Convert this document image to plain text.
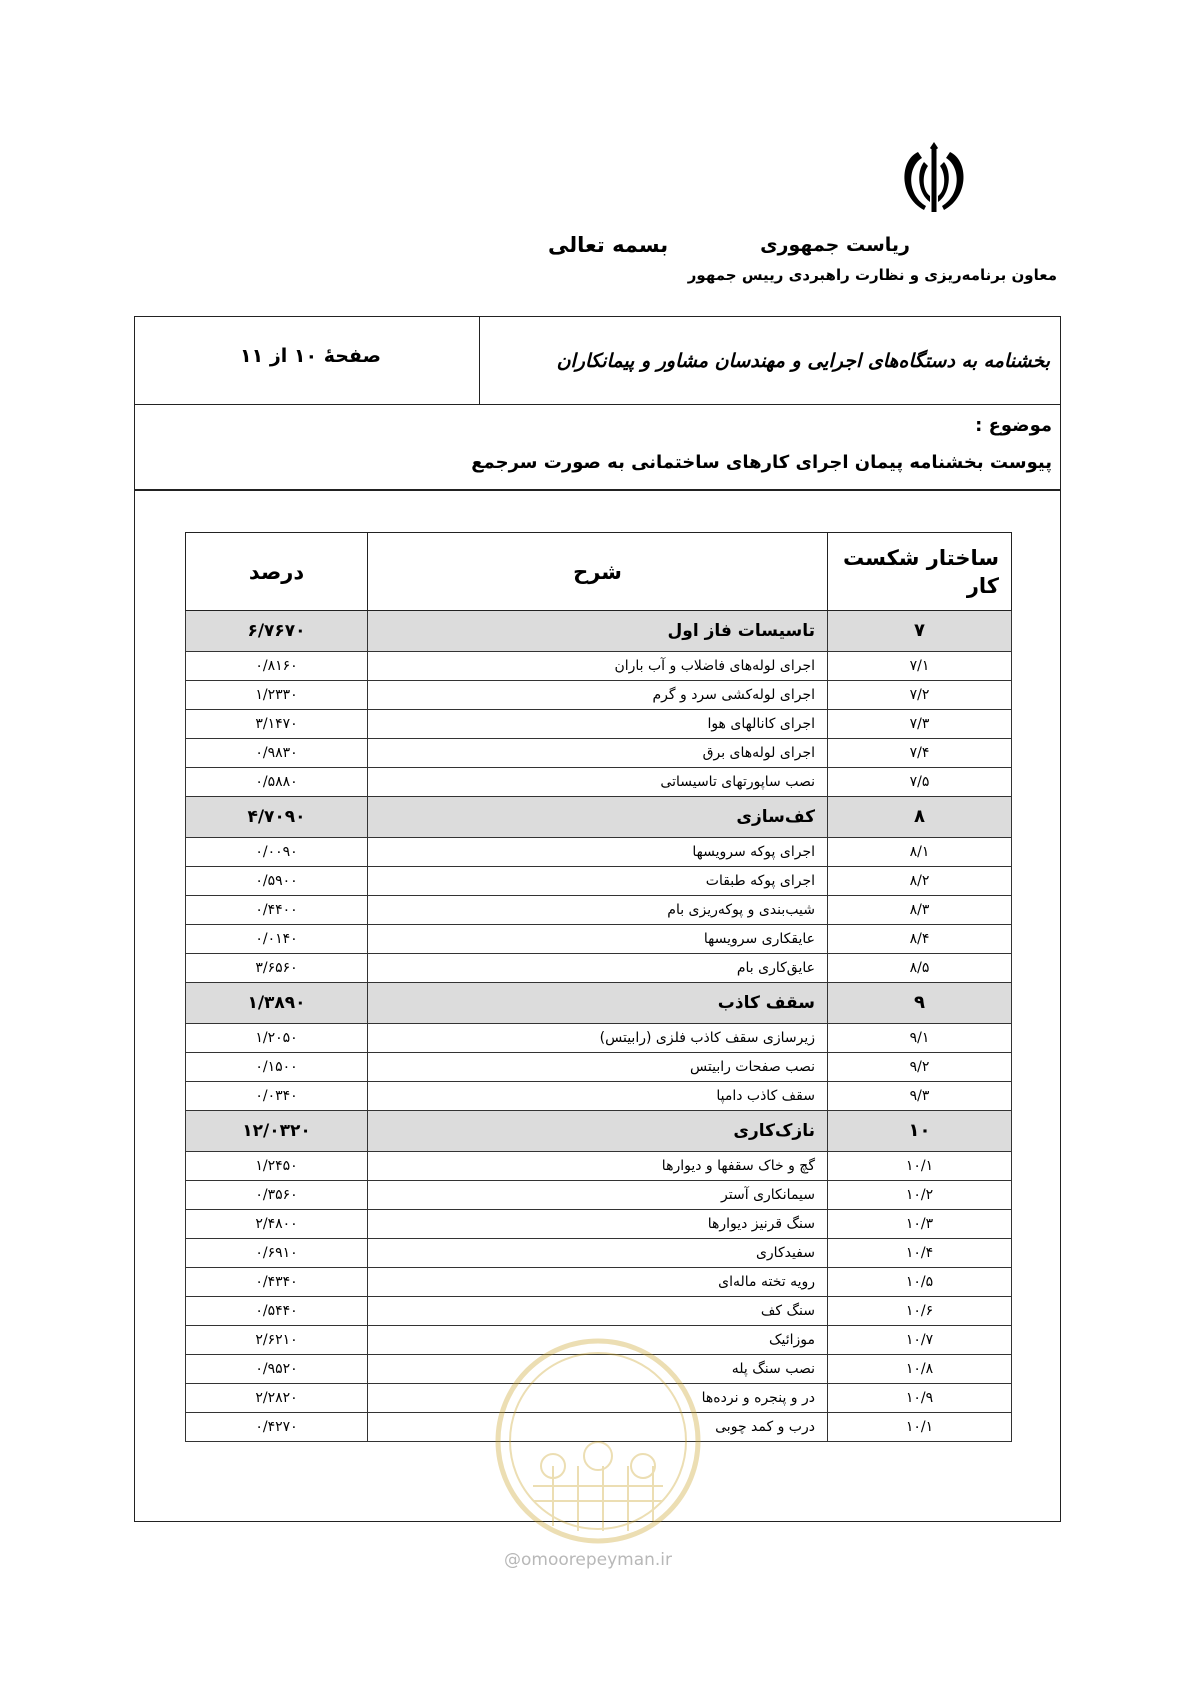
ریاست جمهوری
بسمه تعالی
معاون برنامه‌ریزی و نظارت راهبردی رییس جمهور
بخشنامه به دستگاه‌های اجرایی و مهندسان مشاور و پیمانکاران
صفحهٔ ۱۰ از ۱۱
موضوع :
پیوست بخشنامه پیمان اجرای کارهای ساختمانی به صورت سرجمع
ساختار شکست کار	شرح	درصد
۷	تاسیسات فاز اول	۶/۷۶۷۰
۷/۱	اجرای لوله‌های فاضلاب و آب باران	۰/۸۱۶۰
۷/۲	اجرای لوله‌کشی سرد و گرم	۱/۲۳۳۰
۷/۳	اجرای کانالهای هوا	۳/۱۴۷۰
۷/۴	اجرای لوله‌های برق	۰/۹۸۳۰
۷/۵	نصب ساپورتهای تاسیساتی	۰/۵۸۸۰
۸	کف‌سازی	۴/۷۰۹۰
۸/۱	اجرای پوکه سرویسها	۰/۰۰۹۰
۸/۲	اجرای پوکه طبقات	۰/۵۹۰۰
۸/۳	شیب‌بندی و پوکه‌ریزی بام	۰/۴۴۰۰
۸/۴	عایقکاری سرویسها	۰/۰۱۴۰
۸/۵	عایق‌کاری بام	۳/۶۵۶۰
۹	سقف کاذب	۱/۳۸۹۰
۹/۱	زیرسازی سقف کاذب فلزی (رابیتس)	۱/۲۰۵۰
۹/۲	نصب صفحات رابیتس	۰/۱۵۰۰
۹/۳	سقف کاذب دامپا	۰/۰۳۴۰
۱۰	نازک‌کاری	۱۲/۰۳۲۰
۱۰/۱	گچ و خاک سقفها و دیوارها	۱/۲۴۵۰
۱۰/۲	سیمانکاری آستر	۰/۳۵۶۰
۱۰/۳	سنگ قرنیز دیوارها	۲/۴۸۰۰
۱۰/۴	سفیدکاری	۰/۶۹۱۰
۱۰/۵	رویه تخته ماله‌ای	۰/۴۳۴۰
۱۰/۶	سنگ کف	۰/۵۴۴۰
۱۰/۷	موزائیک	۲/۶۲۱۰
۱۰/۸	نصب سنگ پله	۰/۹۵۲۰
۱۰/۹	در و پنجره و نرده‌ها	۲/۲۸۲۰
۱۰/۱	درب و کمد چوبی	۰/۴۲۷۰
@omoorepeyman.ir
